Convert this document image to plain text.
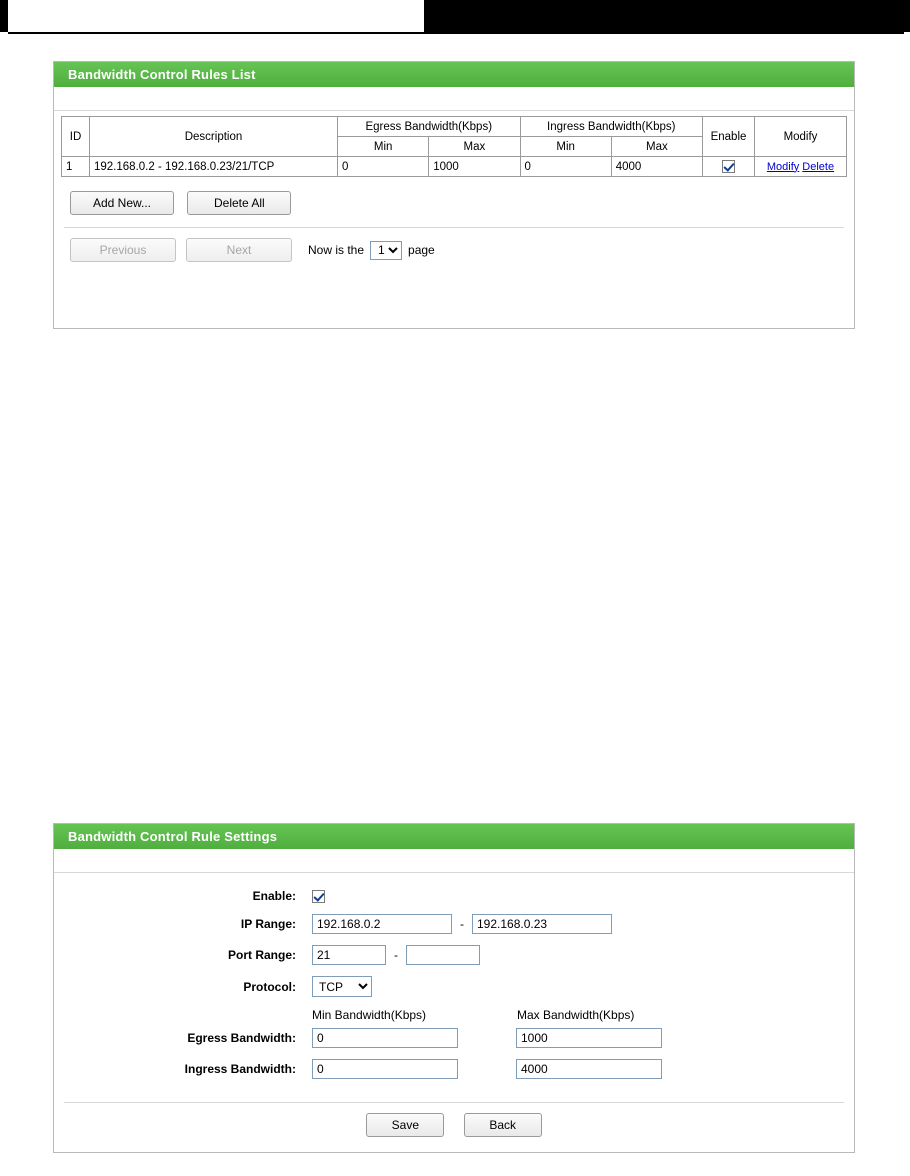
Bandwidth Control Rules List
ID	Description	Egress Bandwidth(Kbps)		Ingress Bandwidth(Kbps)		Enable	Modify
		Min	Max	Min	Max		
1	192.168.0.2 - 192.168.0.23/21/TCP	0	1000	0	4000		Modify Delete
Add New...	Delete All
Previous	Next	Now is the
1	page
Bandwidth Control Rule Settings
Enable:
IP Range:
192.168.0.2	-
192.168.0.23
Port Range:
21	-
Protocol:
TCP
Min Bandwidth(Kbps)	Max Bandwidth(Kbps)
Egress Bandwidth:
0
1000
Ingress Bandwidth:
0
4000
Save	Back
